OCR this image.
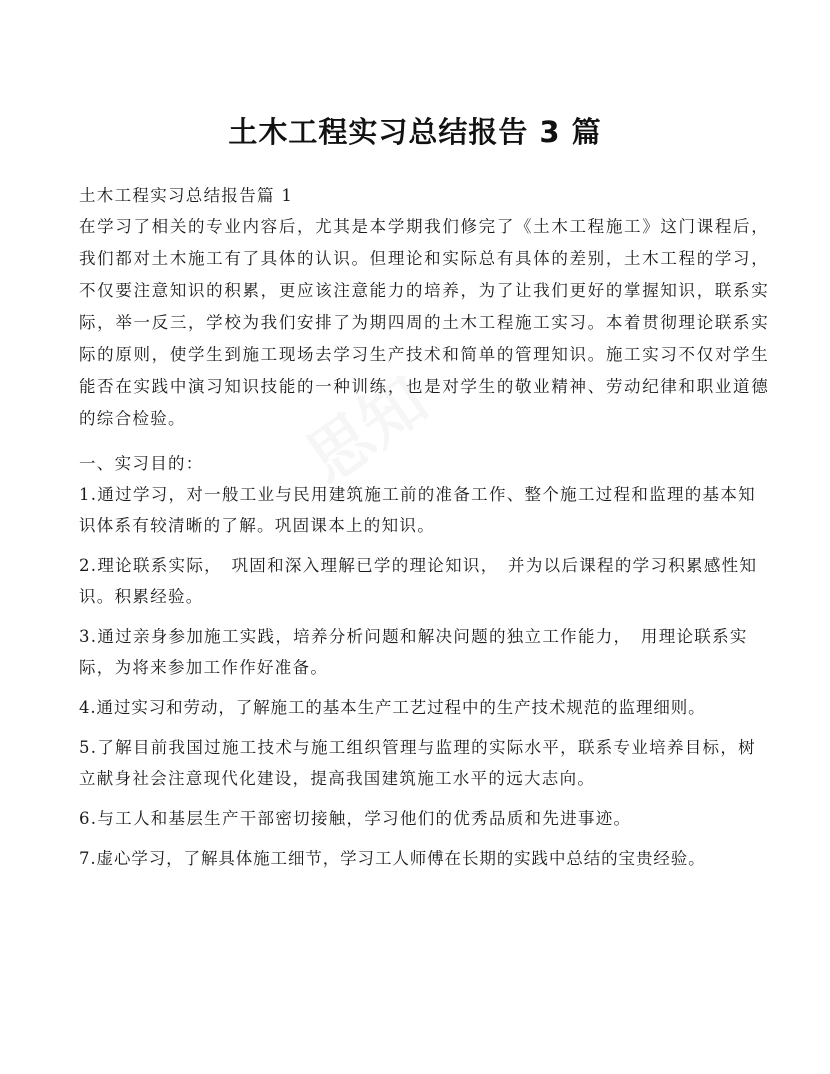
土木工程实习总结报告 3 篇
土木工程实习总结报告篇 1

在学习了相关的专业内容后，尤其是本学期我们修完了《土木工程施工》这门课程后，我们都对土木施工有了具体的认识。但理论和实际总有具体的差别，土木工程的学习，不仅要注意知识的积累，更应该注意能力的培养，为了让我们更好的掌握知识，联系实际，举一反三，学校为我们安排了为期四周的土木工程施工实习。本着贯彻理论联系实际的原则，使学生到施工现场去学习生产技术和简单的管理知识。施工实习不仅对学生能否在实践中演习知识技能的一种训练，也是对学生的敬业精神、劳动纪律和职业道德的综合检验。

一、实习目的：

1.通过学习，对一般工业与民用建筑施工前的准备工作、整个施工过程和监理的基本知识体系有较清晰的了解。巩固课本上的知识。

2.理论联系实际，　巩固和深入理解已学的理论知识，　并为以后课程的学习积累感性知识。积累经验。

3.通过亲身参加施工实践，培养分析问题和解决问题的独立工作能力，　用理论联系实际，为将来参加工作作好准备。

4.通过实习和劳动，了解施工的基本生产工艺过程中的生产技术规范的监理细则。

5.了解目前我国过施工技术与施工组织管理与监理的实际水平，联系专业培养目标，树立献身社会注意现代化建设，提高我国建筑施工水平的远大志向。

6.与工人和基层生产干部密切接触，学习他们的优秀品质和先进事迹。

7.虚心学习，了解具体施工细节，学习工人师傅在长期的实践中总结的宝贵经验。
